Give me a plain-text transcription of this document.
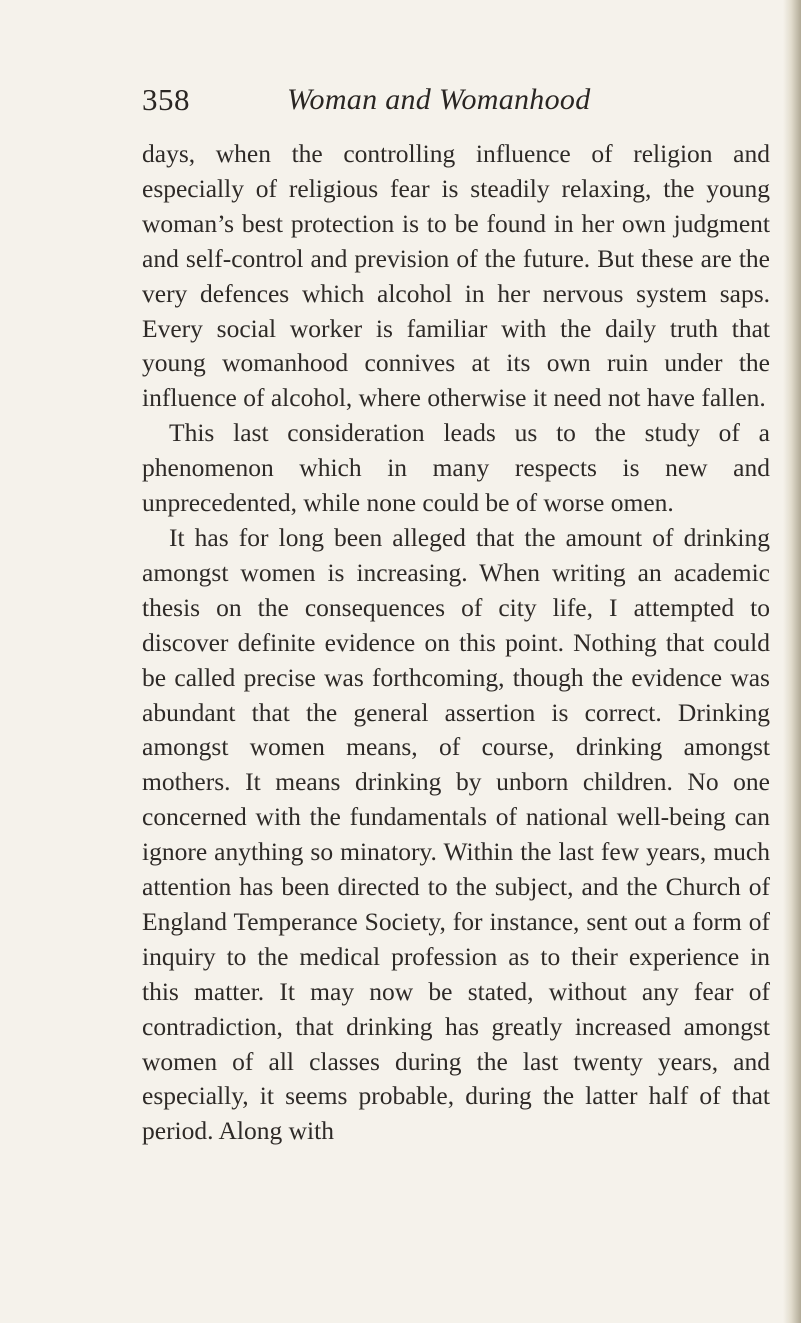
358	Woman and Womanhood

days, when the controlling influence of religion and especially of religious fear is steadily relaxing, the young woman’s best protection is to be found in her own judgment and self-control and prevision of the future. But these are the very defences which alcohol in her nervous system saps. Every social worker is familiar with the daily truth that young womanhood connives at its own ruin under the influence of alcohol, where otherwise it need not have fallen.

This last consideration leads us to the study of a phenomenon which in many respects is new and unprecedented, while none could be of worse omen.

It has for long been alleged that the amount of drinking amongst women is increasing. When writing an academic thesis on the consequences of city life, I attempted to discover definite evidence on this point. Nothing that could be called precise was forthcoming, though the evidence was abundant that the general assertion is correct. Drinking amongst women means, of course, drinking amongst mothers. It means drinking by unborn children. No one concerned with the fundamentals of national well-being can ignore anything so minatory. Within the last few years, much attention has been directed to the subject, and the Church of England Temperance Society, for instance, sent out a form of inquiry to the medical profession as to their experience in this matter. It may now be stated, without any fear of contradiction, that drinking has greatly increased amongst women of all classes during the last twenty years, and especially, it seems probable, during the latter half of that period. Along with
